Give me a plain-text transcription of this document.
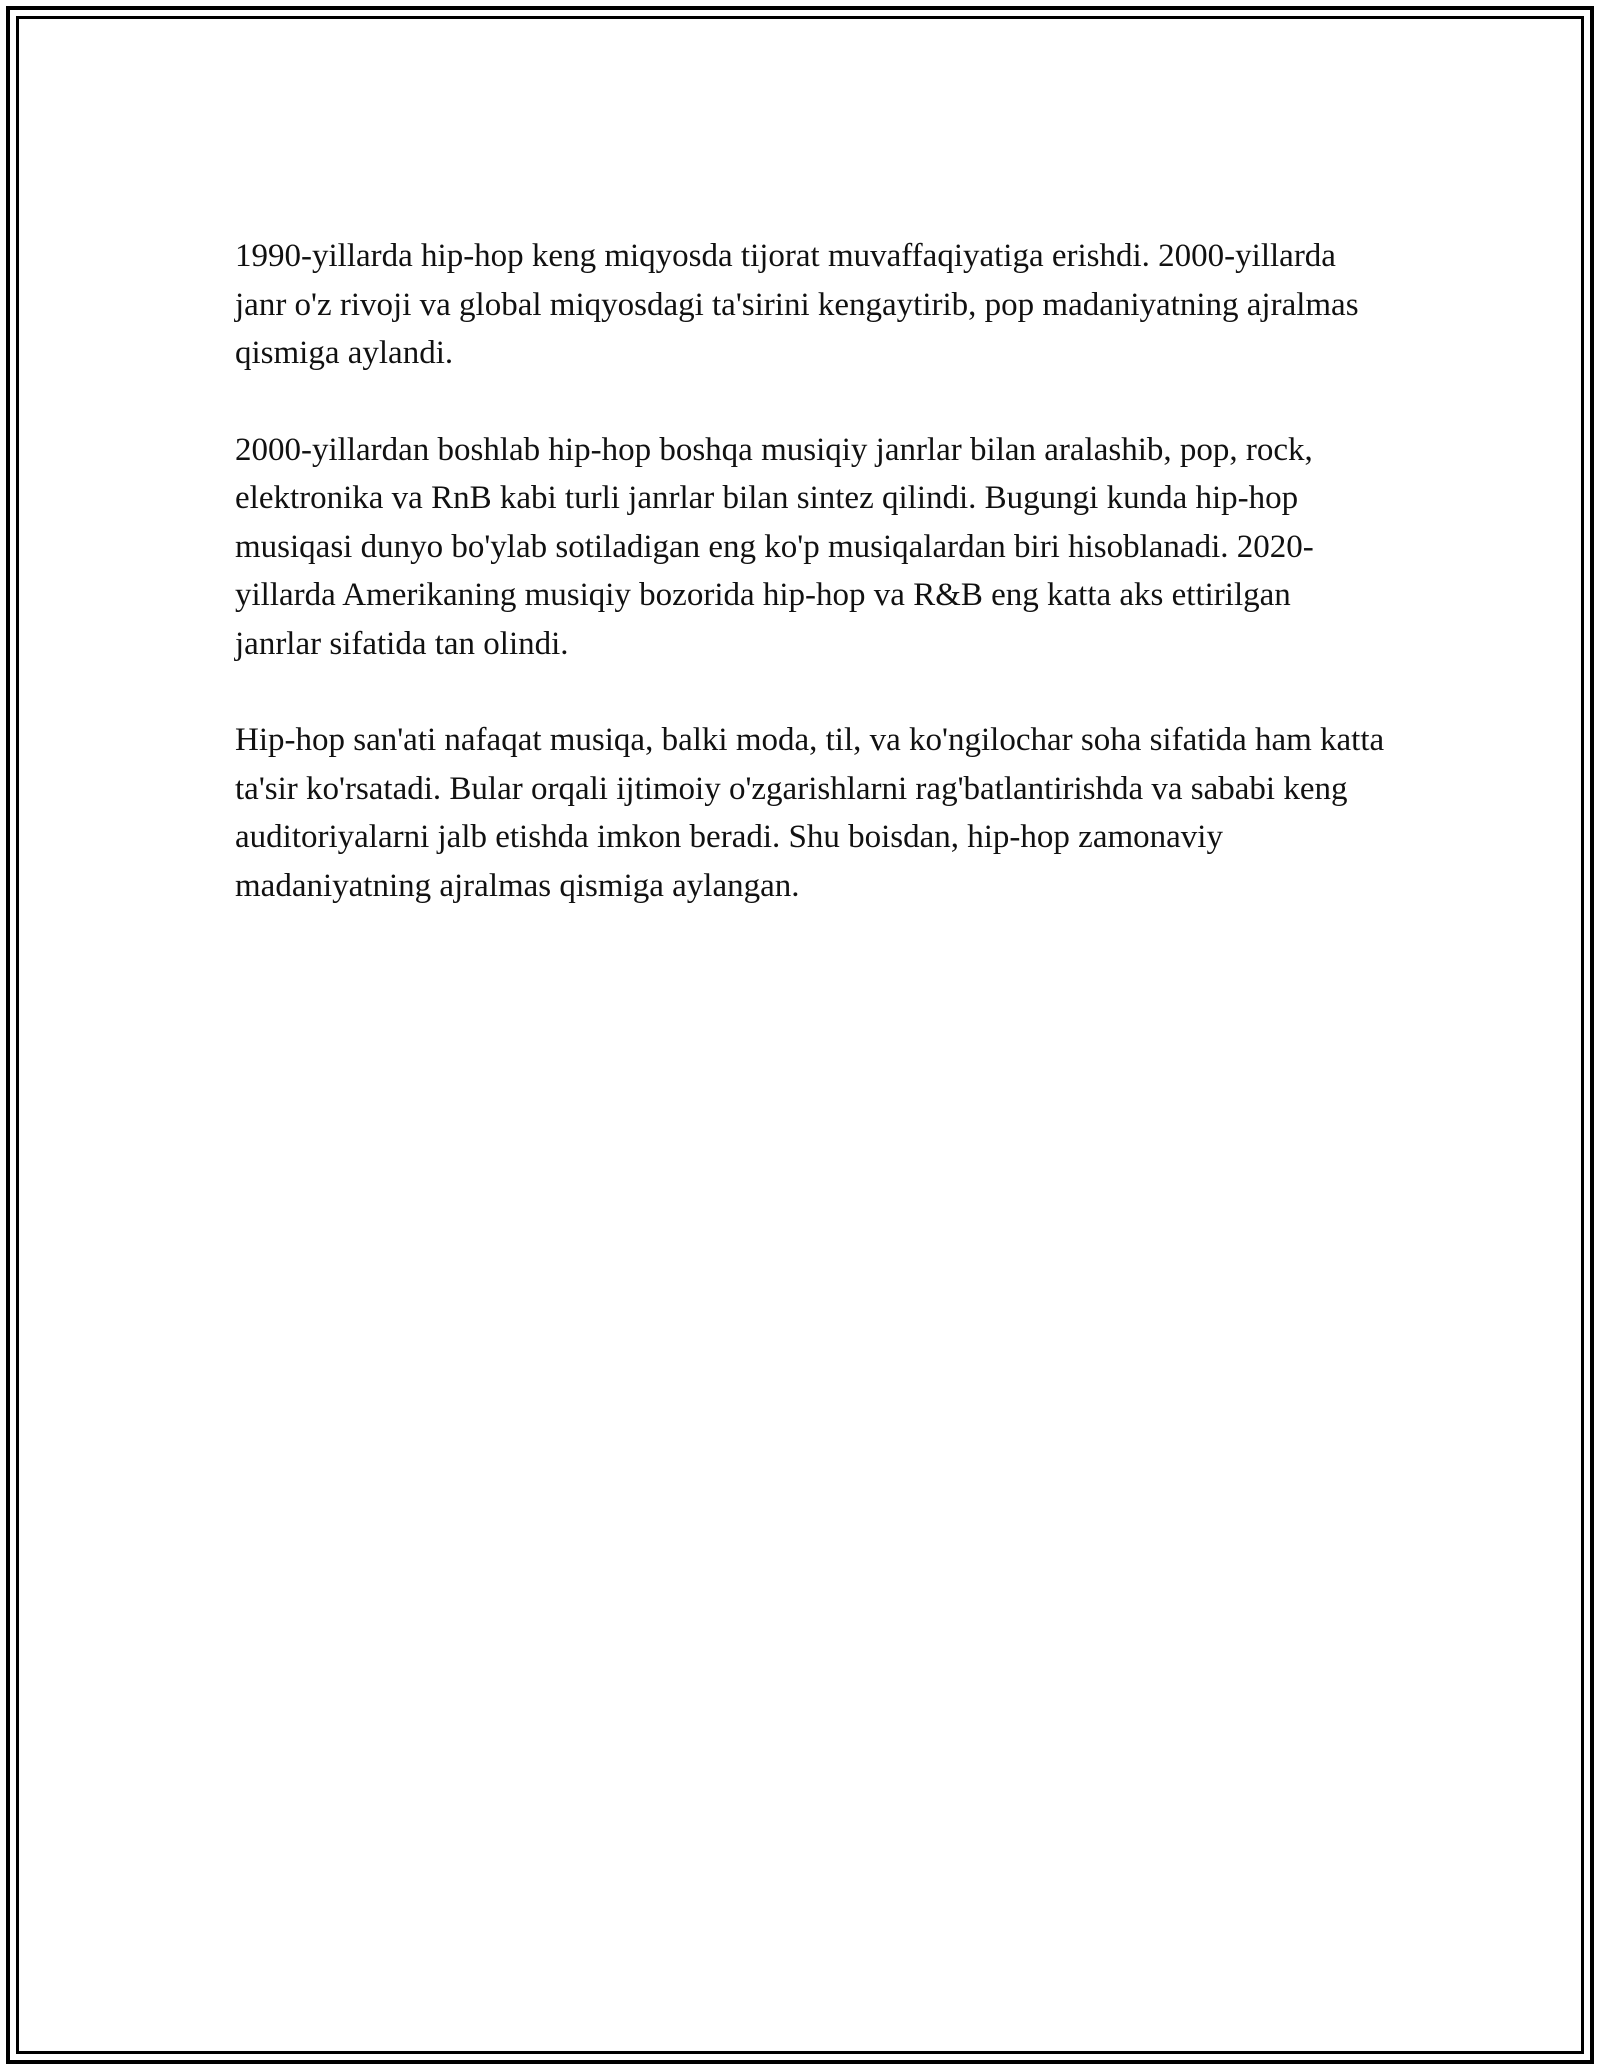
1990-yillarda hip-hop keng miqyosda tijorat muvaffaqiyatiga erishdi. 2000-yillarda janr o'z rivoji va global miqyosdagi ta'sirini kengaytirib, pop madaniyatning ajralmas qismiga aylandi.

2000-yillardan boshlab hip-hop boshqa musiqiy janrlar bilan aralashib, pop, rock, elektronika va RnB kabi turli janrlar bilan sintez qilindi. Bugungi kunda hip-hop musiqasi dunyo bo'ylab sotiladigan eng ko'p musiqalardan biri hisoblanadi. 2020-yillarda Amerikaning musiqiy bozorida hip-hop va R&B eng katta aks ettirilgan janrlar sifatida tan olindi.

Hip-hop san'ati nafaqat musiqa, balki moda, til, va ko'ngilochar soha sifatida ham katta ta'sir ko'rsatadi. Bular orqali ijtimoiy o'zgarishlarni rag'batlantirishda va sababi keng auditoriyalarni jalb etishda imkon beradi. Shu boisdan, hip-hop zamonaviy madaniyatning ajralmas qismiga aylangan.
